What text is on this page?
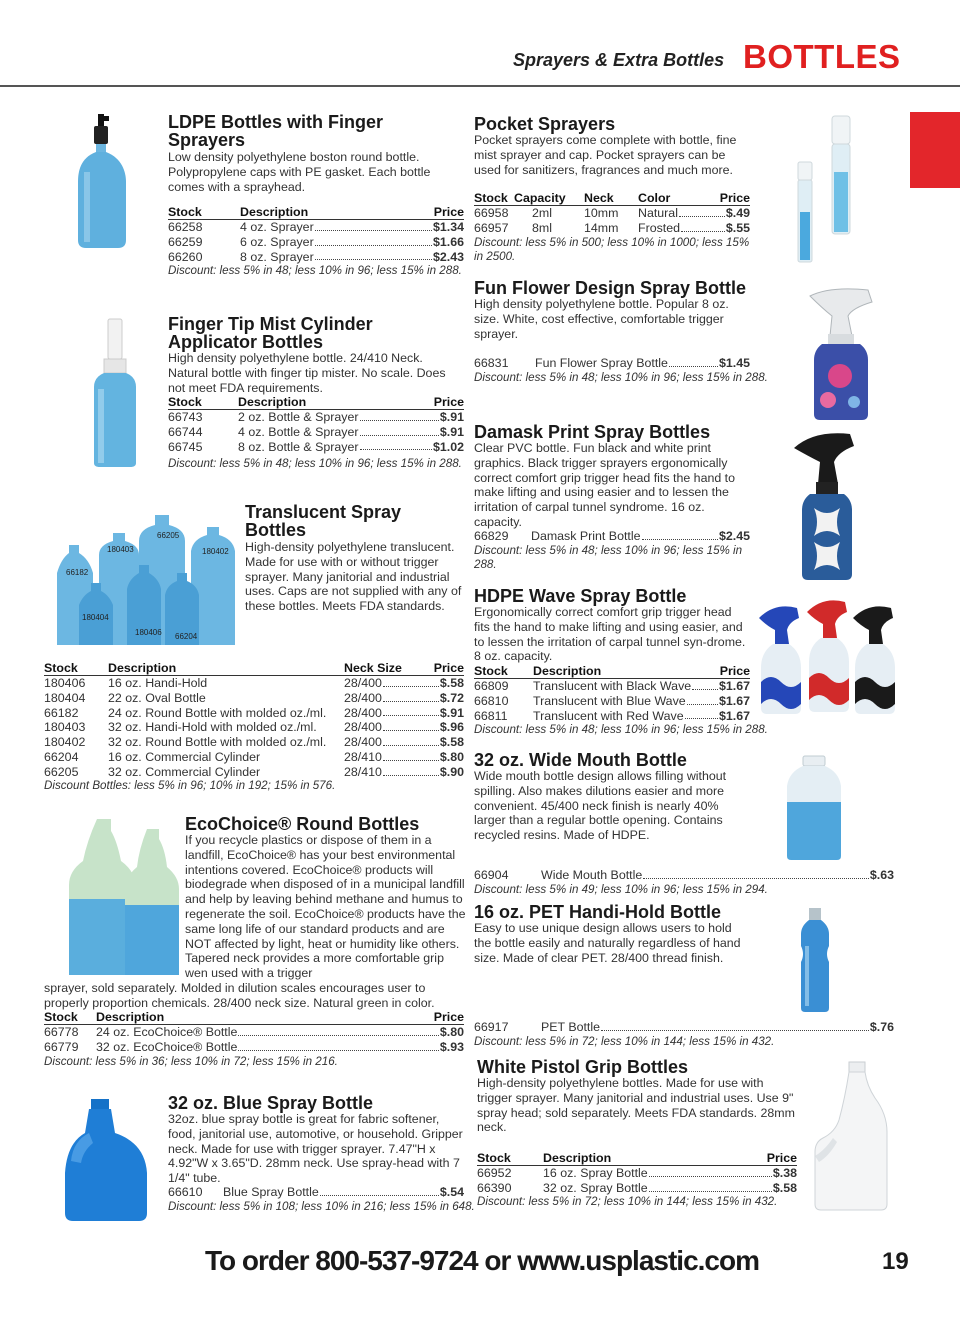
Sprayers & Extra Bottles BOTTLES
LDPE Bottles with Finger Sprayers
Low density polyethylene boston round bottle. Polypropylene caps with PE gasket. Each bottle comes with a sprayhead.
Stock	Description	Price
66258	4 oz. Sprayer $1.34	

66259	6 oz. Sprayer $1.66	

66260	8 oz. Sprayer $2.43	
Discount: less 5% in 48; less 10% in 96; less 15% in 288.
Finger Tip Mist Cylinder Applicator Bottles
High density polyethylene bottle. 24/410 Neck. Natural bottle with finger tip mister. No scale. Does not meet FDA requirements.
Stock	Description	Price
66743	2 oz. Bottle & Sprayer $.91	

66744	4 oz. Bottle & Sprayer $.91	

66745	8 oz. Bottle & Sprayer $1.02	
Discount: less 5% in 48; less 10% in 96; less 15% in 288.
66205
180403	180402
66182
180404
180406 66204
Translucent Spray Bottles
High-density polyethylene translucent. Made for use with or without trigger sprayer. Many janitorial and industrial uses. Caps are not supplied with any of these bottles. Meets FDA standards.
Stock	Description	Neck Size	Price
180406	16 oz. Handi-Hold	28/400 $.58	

180404	22 oz. Oval Bottle	28/400 $.72	

66182	24 oz. Round Bottle with molded oz./ml.	28/400 $.91	

180403	32 oz. Handi-Hold with molded oz./ml.	28/400 $.96	

180402	32 oz. Round Bottle with molded oz./ml.	28/400 $.58	

66204	16 oz. Commercial Cylinder	28/410 $.80	

66205	32 oz. Commercial Cylinder	28/410 $.90	
Discount Bottles: less 5% in 96; 10% in 192; 15% in 576.
EcoChoice® Round Bottles
If you recycle plastics or dispose of them in a landfill, EcoChoice® has your best environmental intentions covered. EcoChoice® products will biodegrade when disposed of in a municipal landfill and help by leaving behind methane and humus to regenerate the soil. EcoChoice® products have the same long life of our standard products and are NOT affected by light, heat or humidity like others. Tapered neck provides a more comfortable grip wen used with a trigger
sprayer, sold separately. Molded in dilution scales encourages user to properly proportion chemicals. 28/400 neck size. Natural green in color.
Stock	Description	Price
66778	24 oz. EcoChoice® Bottle $.80	

66779	32 oz. EcoChoice® Bottle $.93	
Discount: less 5% in 36; less 10% in 72; less 15% in 216.
32 oz. Blue Spray Bottle
32oz. blue spray bottle is great for fabric softener, food, janitorial use, automotive, or household. Gripper neck. Made for use with trigger sprayer. 7.47"H x 4.92"W x 3.65"D. 28mm neck. Use spray-head with 7 1/4" tube.
66610	Blue Spray Bottle	$.54
Discount: less 5% in 108; less 10% in 216; less 15% in 648.
Pocket Sprayers
Pocket sprayers come complete with bottle, fine mist sprayer and cap. Pocket sprayers can be used for sanitizers, fragrances and much more.
Stock	Capacity	Neck	Color	Price
66958	2ml	10mm	Natural $.49	

66957	8ml	14mm	Frosted $.55	
Discount: less 5% in 500; less 10% in 1000; less 15% in 2500.
Fun Flower Design Spray Bottle
High density polyethylene bottle. Popular 8 oz. size. White, cost effective, comfortable trigger sprayer.
66831	Fun Flower Spray Bottle	$1.45
Discount: less 5% in 48; less 10% in 96; less 15% in 288.
Damask Print Spray Bottles
Clear PVC bottle. Fun black and white print graphics. Black trigger sprayers ergonomically correct comfort grip trigger head fits the hand to make lifting and using easier and to lessen the irritation of carpal tunnel syndrome. 16 oz. capacity.
66829	Damask Print Bottle	$2.45
Discount: less 5% in 48; less 10% in 96; less 15% in 288.
HDPE Wave Spray Bottle
Ergonomically correct comfort grip trigger head fits the hand to make lifting and using easier, and to lessen the irritation of carpal tunnel syn-drome. 8 oz. capacity.
Stock	Description	Price
66809	Translucent with Black Wave $1.67	

66810	Translucent with Blue Wave $1.67	

66811	Translucent with Red Wave $1.67	
Discount: less 5% in 48; less 10% in 96; less 15% in 288.
32 oz. Wide Mouth Bottle
Wide mouth bottle design allows filling without spilling. Also makes dilutions easier and more convenient. 45/400 neck finish is nearly 40% larger than a regular bottle opening. Contains recycled resins. Made of HDPE.
66904	Wide Mouth Bottle	$.63
Discount: less 5% in 49; less 10% in 96; less 15% in 294.
16 oz. PET Handi-Hold Bottle
Easy to use unique design allows users to hold the bottle easily and naturally regardless of hand size. Made of clear PET. 28/400 thread finish.
66917	PET Bottle	$.76
Discount: less 5% in 72; less 10% in 144; less 15% in 432.
White Pistol Grip Bottles
High-density polyethylene bottles. Made for use with trigger sprayer. Many janitorial and industrial uses. Use 9" spray head; sold separately. Meets FDA standards. 28mm neck.
Stock	Description	Price
66952	16 oz. Spray Bottle $.38	

66390	32 oz. Spray Bottle $.58	
Discount: less 5% in 72; less 10% in 144; less 15% in 432.
To order 800-537-9724 or www.usplastic.com	19
